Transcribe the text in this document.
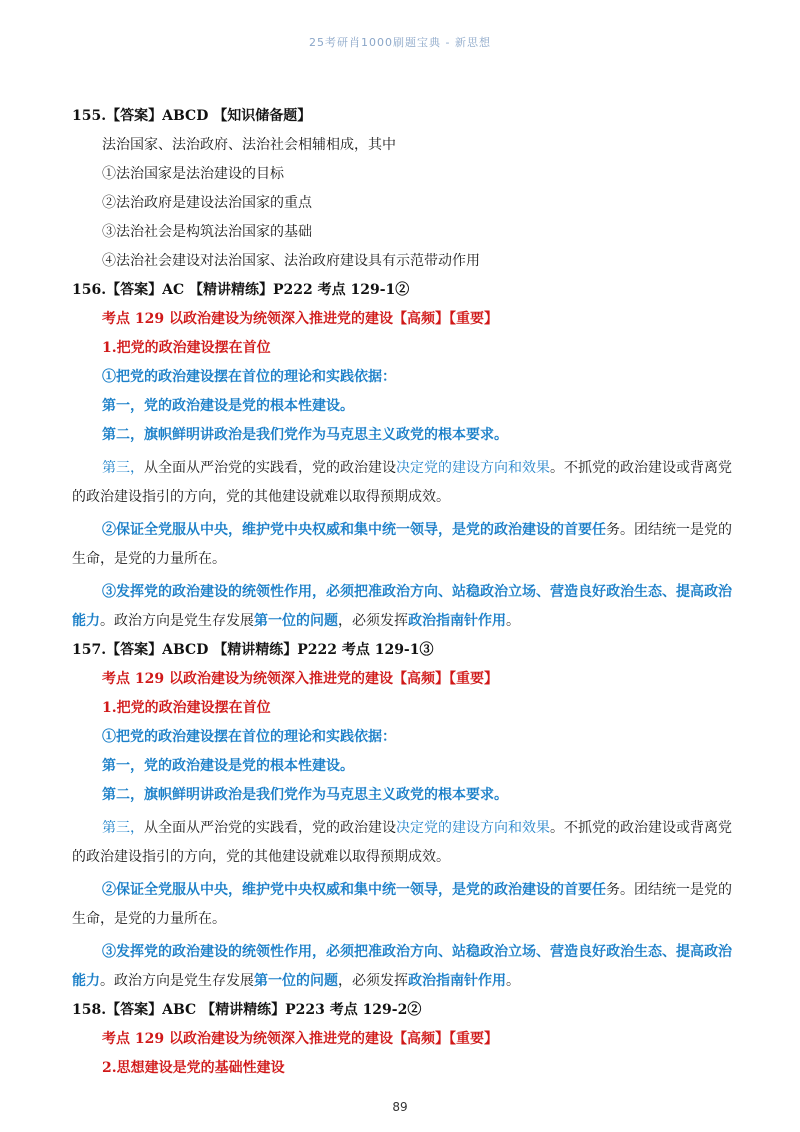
25考研肖1000刷题宝典 - 新思想
155.【答案】ABCD 【知识储备题】
法治国家、法治政府、法治社会相辅相成，其中
①法治国家是法治建设的目标
②法治政府是建设法治国家的重点
③法治社会是构筑法治国家的基础
④法治社会建设对法治国家、法治政府建设具有示范带动作用
156.【答案】AC 【精讲精练】P222 考点 129-1②
考点 129 以政治建设为统领深入推进党的建设【高频】【重要】
1.把党的政治建设摆在首位
①把党的政治建设摆在首位的理论和实践依据：
第一，党的政治建设是党的根本性建设。
第二，旗帜鲜明讲政治是我们党作为马克思主义政党的根本要求。
第三，从全面从严治党的实践看，党的政治建设决定党的建设方向和效果。不抓党的政治建设或背离党的政治建设指引的方向，党的其他建设就难以取得预期成效。
②保证全党服从中央，维护党中央权威和集中统一领导，是党的政治建设的首要任务。团结统一是党的生命，是党的力量所在。
③发挥党的政治建设的统领性作用，必须把准政治方向、站稳政治立场、营造良好政治生态、提高政治能力。政治方向是党生存发展第一位的问题，必须发挥政治指南针作用。
157.【答案】ABCD 【精讲精练】P222 考点 129-1③
考点 129 以政治建设为统领深入推进党的建设【高频】【重要】
1.把党的政治建设摆在首位
①把党的政治建设摆在首位的理论和实践依据：
第一，党的政治建设是党的根本性建设。
第二，旗帜鲜明讲政治是我们党作为马克思主义政党的根本要求。
第三，从全面从严治党的实践看，党的政治建设决定党的建设方向和效果。不抓党的政治建设或背离党的政治建设指引的方向，党的其他建设就难以取得预期成效。
②保证全党服从中央，维护党中央权威和集中统一领导，是党的政治建设的首要任务。团结统一是党的生命，是党的力量所在。
③发挥党的政治建设的统领性作用，必须把准政治方向、站稳政治立场、营造良好政治生态、提高政治能力。政治方向是党生存发展第一位的问题，必须发挥政治指南针作用。
158.【答案】ABC 【精讲精练】P223 考点 129-2②
考点 129 以政治建设为统领深入推进党的建设【高频】【重要】
2.思想建设是党的基础性建设
89
